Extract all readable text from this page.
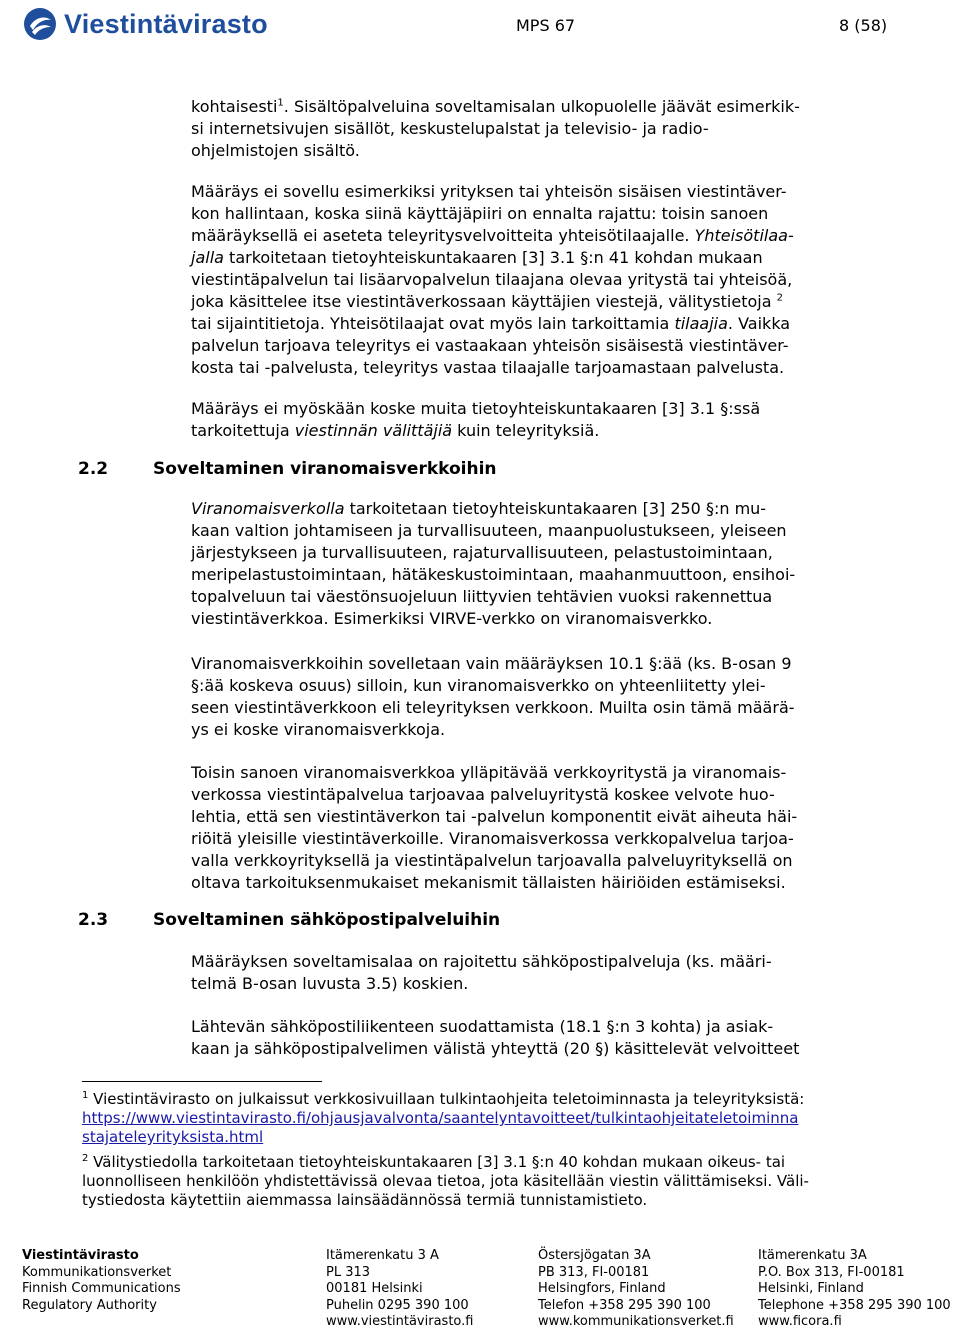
Viestintävirasto	MPS 67	8 (58)
kohtaisesti$^1$. Sisältöpalveluina soveltamisalan ulkopuolelle jäävät esimerkik-
si internetsivujen sisällöt, keskustelupalstat ja televisio- ja radio-
ohjelmistojen sisältö.
Määräys ei sovellu esimerkiksi yrityksen tai yhteisön sisäisen viestintäver-
kon hallintaan, koska siinä käyttäjäpiiri on ennalta rajattu: toisin sanoen
määräyksellä ei aseteta teleyritysvelvoitteita yhteisötilaajalle. Yhteisötilaa-
jalla tarkoitetaan tietoyhteiskuntakaaren [3] 3.1 §:n 41 kohdan mukaan
viestintäpalvelun tai lisäarvopalvelun tilaajana olevaa yritystä tai yhteisöä,
joka käsittelee itse viestintäverkossaan käyttäjien viestejä, välitystietoja $^2$
tai sijaintitietoja. Yhteisötilaajat ovat myös lain tarkoittamia tilaajia. Vaikka
palvelun tarjoava teleyritys ei vastaakaan yhteisön sisäisestä viestintäver-
kosta tai -palvelusta, teleyritys vastaa tilaajalle tarjoamastaan palvelusta.
Määräys ei myöskään koske muita tietoyhteiskuntakaaren [3] 3.1 §:ssä
tarkoitettuja viestinnän välittäjiä kuin teleyrityksiä.
2.2	Soveltaminen viranomaisverkkoihin
Viranomaisverkolla tarkoitetaan tietoyhteiskuntakaaren [3] 250 §:n mu-
kaan valtion johtamiseen ja turvallisuuteen, maanpuolustukseen, yleiseen
järjestykseen ja turvallisuuteen, rajaturvallisuuteen, pelastustoimintaan,
meripelastustoimintaan, hätäkeskustoimintaan, maahanmuuttoon, ensihoi-
topalveluun tai väestönsuojeluun liittyvien tehtävien vuoksi rakennettua
viestintäverkkoa. Esimerkiksi VIRVE-verkko on viranomaisverkko.
Viranomaisverkkoihin sovelletaan vain määräyksen 10.1 §:ää (ks. B-osan 9
§:ää koskeva osuus) silloin, kun viranomaisverkko on yhteenliitetty ylei-
seen viestintäverkkoon eli teleyrityksen verkkoon. Muilta osin tämä määrä-
ys ei koske viranomaisverkkoja.
Toisin sanoen viranomaisverkkoa ylläpitävää verkkoyritystä ja viranomais-
verkossa viestintäpalvelua tarjoavaa palveluyritystä koskee velvote huo-
lehtia, että sen viestintäverkon tai -palvelun komponentit eivät aiheuta häi-
riöitä yleisille viestintäverkoille. Viranomaisverkossa verkkopalvelua tarjoa-
valla verkkoyrityksellä ja viestintäpalvelun tarjoavalla palveluyrityksellä on
oltava tarkoituksenmukaiset mekanismit tällaisten häiriöiden estämiseksi.
2.3	Soveltaminen sähköpostipalveluihin
Määräyksen soveltamisalaa on rajoitettu sähköpostipalveluja (ks. määri-
telmä B-osan luvusta 3.5) koskien.
Lähtevän sähköpostiliikenteen suodattamista (18.1 §:n 3 kohta) ja asiak-
kaan ja sähköpostipalvelimen välistä yhteyttä (20 §) käsittelevät velvoitteet
$^1$ Viestintävirasto on julkaissut verkkosivuillaan tulkintaohjeita teletoiminnasta ja teleyrityksistä:
https://www.viestintavirasto.fi/ohjausjavalvonta/saantelyntavoitteet/tulkintaohjeitateletoiminna
stajateleyrityksista.html
$^2$ Välitystiedolla tarkoitetaan tietoyhteiskuntakaaren [3] 3.1 §:n 40 kohdan mukaan oikeus- tai
luonnolliseen henkilöön yhdistettävissä olevaa tietoa, jota käsitellään viestin välittämiseksi. Väli-
tystiedosta käytettiin aiemmassa lainsäädännössä termiä tunnistamistieto.
Viestintävirasto
Kommunikationsverket
Finnish Communications
Regulatory Authority
Itämerenkatu 3 A
PL 313
00181 Helsinki
Puhelin 0295 390 100
www.viestintävirasto.fi
Östersjögatan 3A
PB 313, FI-00181
Helsingfors, Finland
Telefon +358 295 390 100
www.kommunikationsverket.fi
Itämerenkatu 3A
P.O. Box 313, FI-00181
Helsinki, Finland
Telephone +358 295 390 100
www.ficora.fi
